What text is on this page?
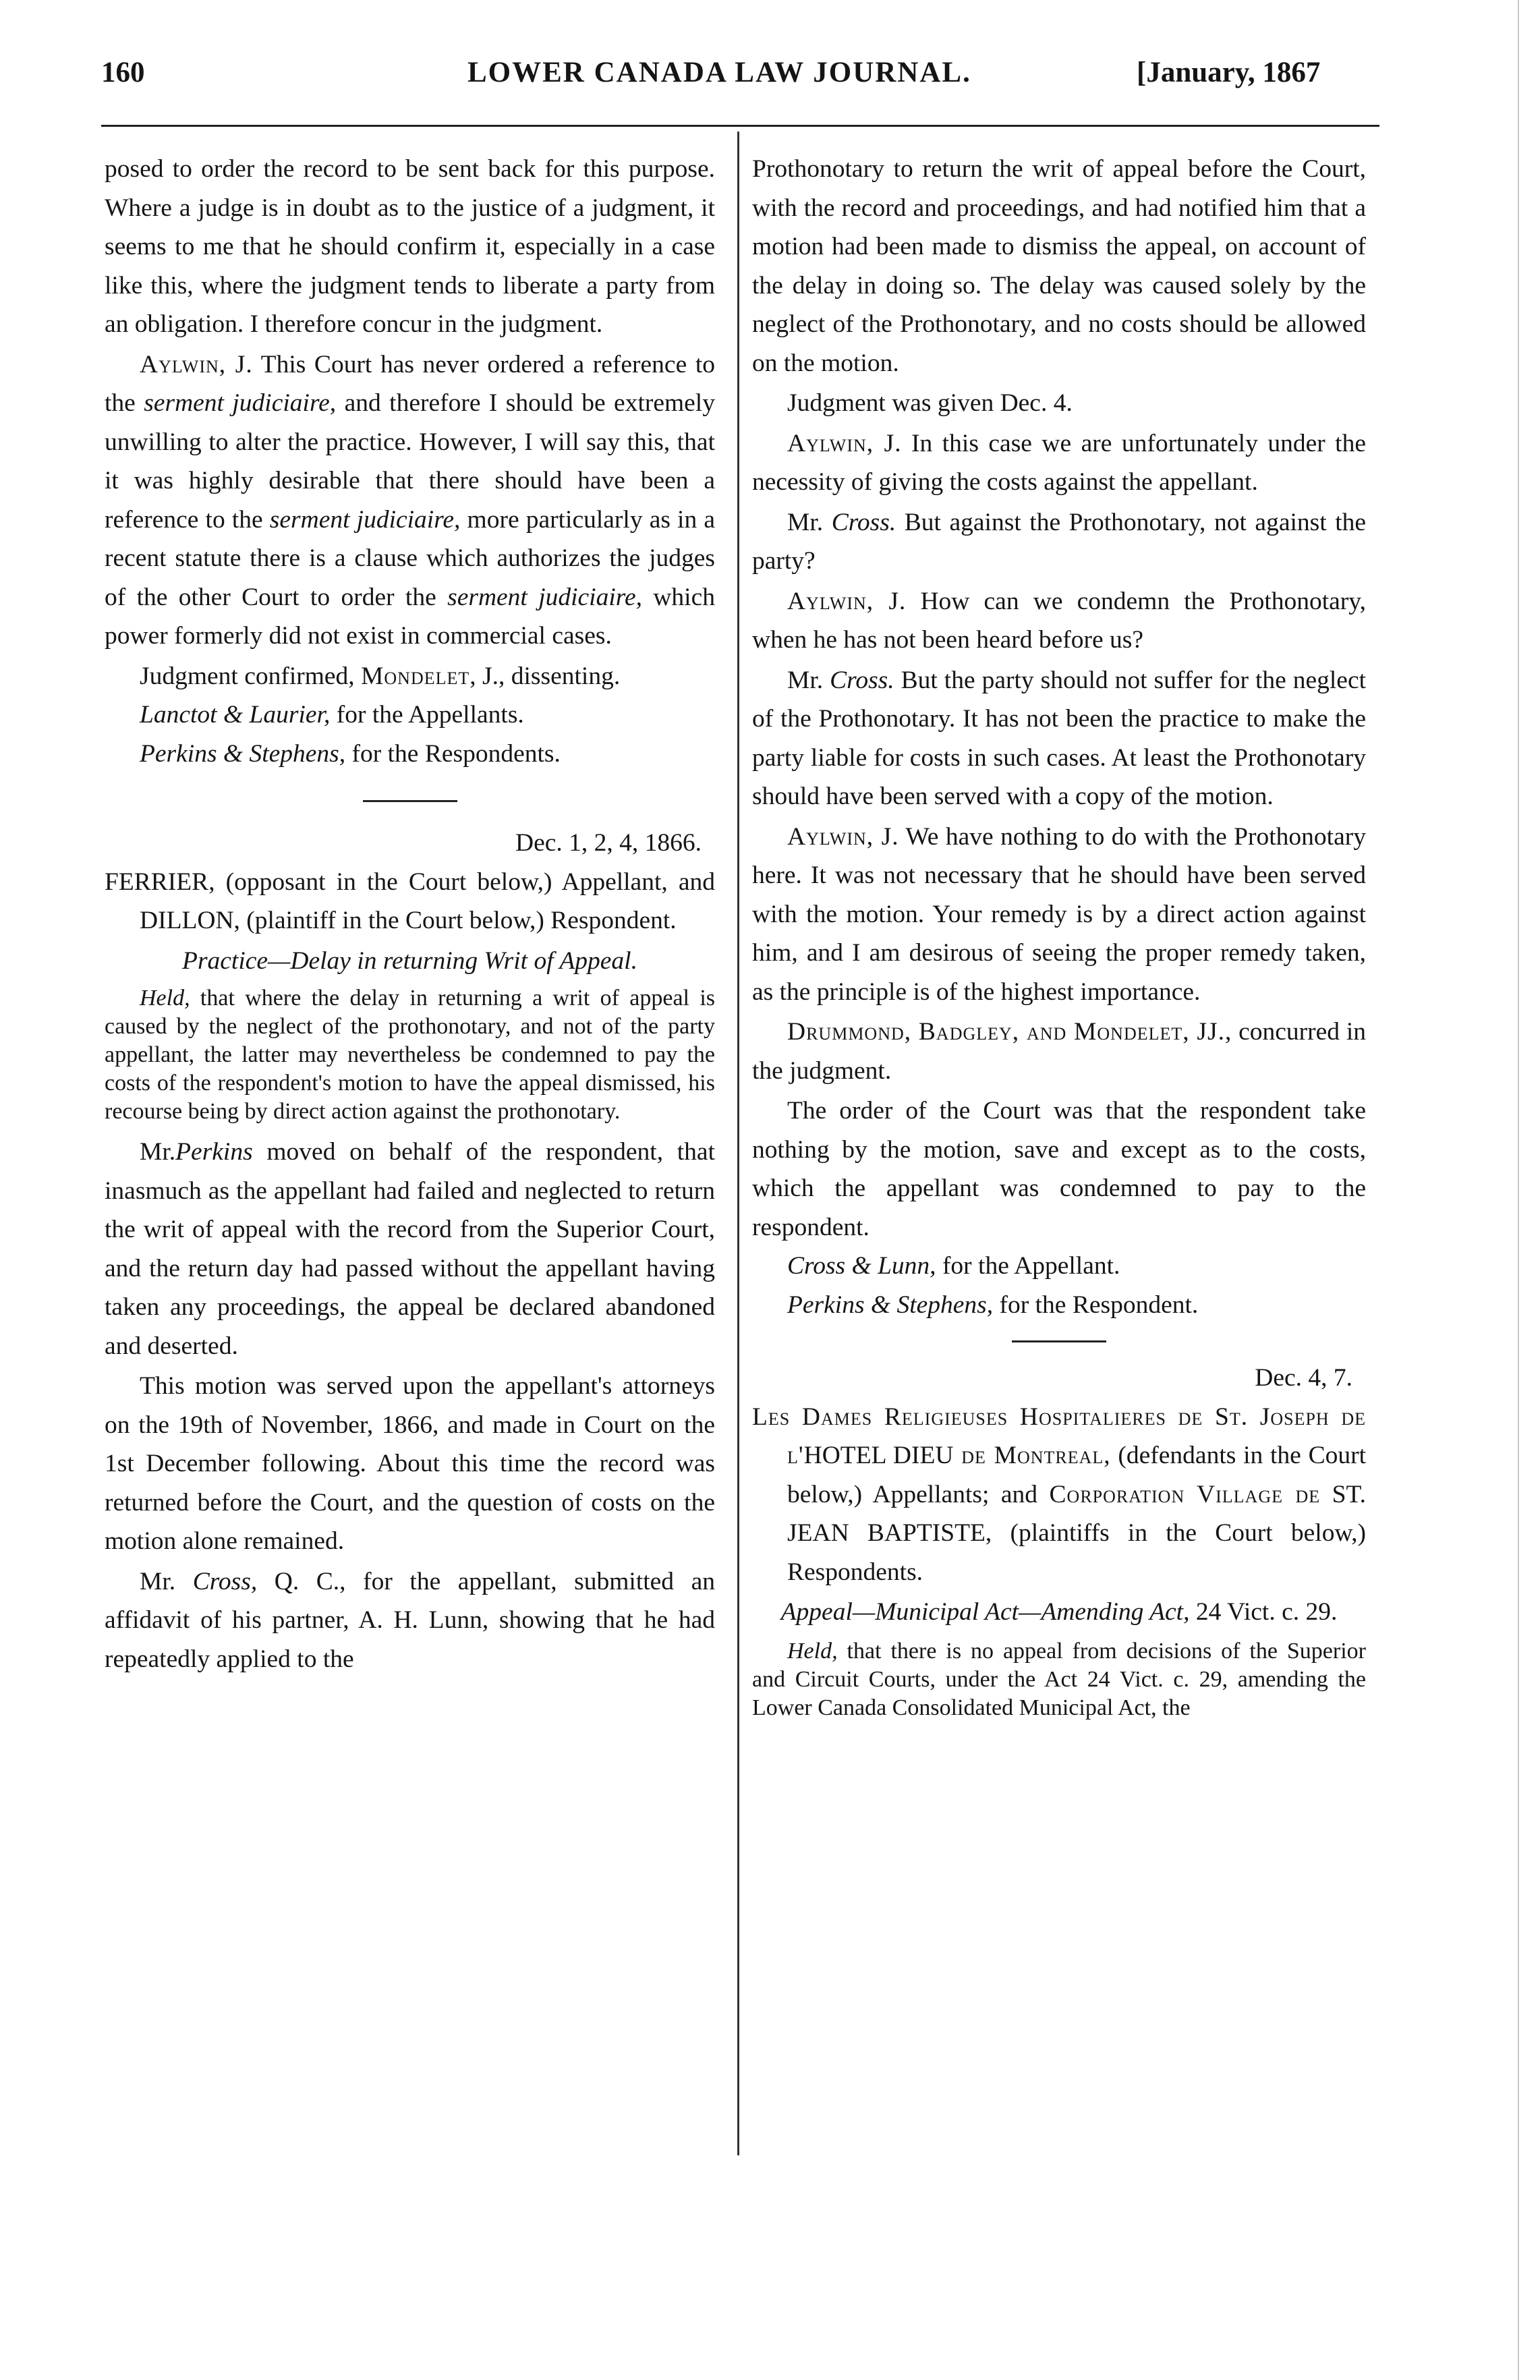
160	LOWER CANADA LAW JOURNAL.	[January, 1867

posed to order the record to be sent back for this purpose. Where a judge is in doubt as to the justice of a judgment, it seems to me that he should confirm it, especially in a case like this, where the judgment tends to liberate a party from an obligation. I therefore concur in the judgment.

Aylwin, J. This Court has never ordered a reference to the serment judiciaire, and therefore I should be extremely unwilling to alter the practice. However, I will say this, that it was highly desirable that there should have been a reference to the serment judiciaire, more particularly as in a recent statute there is a clause which authorizes the judges of the other Court to order the serment judiciaire, which power formerly did not exist in commercial cases.

Judgment confirmed, Mondelet, J., dissenting.

Lanctot & Laurier, for the Appellants.

Perkins & Stephens, for the Respondents.

Dec. 1, 2, 4, 1866.

FERRIER, (opposant in the Court below,) Appellant, and DILLON, (plaintiff in the Court below,) Respondent.

Practice—Delay in returning Writ of Appeal.

Held, that where the delay in returning a writ of appeal is caused by the neglect of the prothonotary, and not of the party appellant, the latter may nevertheless be condemned to pay the costs of the respondent's motion to have the appeal dismissed, his recourse being by direct action against the prothonotary.

Mr.Perkins moved on behalf of the respondent, that inasmuch as the appellant had failed and neglected to return the writ of appeal with the record from the Superior Court, and the return day had passed without the appellant having taken any proceedings, the appeal be declared abandoned and deserted.

This motion was served upon the appellant's attorneys on the 19th of November, 1866, and made in Court on the 1st December following. About this time the record was returned before the Court, and the question of costs on the motion alone remained.

Mr. Cross, Q. C., for the appellant, submitted an affidavit of his partner, A. H. Lunn, showing that he had repeatedly applied to the

Prothonotary to return the writ of appeal before the Court, with the record and proceedings, and had notified him that a motion had been made to dismiss the appeal, on account of the delay in doing so. The delay was caused solely by the neglect of the Prothonotary, and no costs should be allowed on the motion.

Judgment was given Dec. 4.

Aylwin, J. In this case we are unfortunately under the necessity of giving the costs against the appellant.

Mr. Cross. But against the Prothonotary, not against the party?

Aylwin, J. How can we condemn the Prothonotary, when he has not been heard before us?

Mr. Cross. But the party should not suffer for the neglect of the Prothonotary. It has not been the practice to make the party liable for costs in such cases. At least the Prothonotary should have been served with a copy of the motion.

Aylwin, J. We have nothing to do with the Prothonotary here. It was not necessary that he should have been served with the motion. Your remedy is by a direct action against him, and I am desirous of seeing the proper remedy taken, as the principle is of the highest importance.

Drummond, Badgley, and Mondelet, JJ., concurred in the judgment.

The order of the Court was that the respondent take nothing by the motion, save and except as to the costs, which the appellant was condemned to pay to the respondent.

Cross & Lunn, for the Appellant.

Perkins & Stephens, for the Respondent.

Dec. 4, 7.

Les Dames Religieuses Hospitalieres de St. Joseph de l'HOTEL DIEU de Montreal, (defendants in the Court below,) Appellants; and Corporation Village de ST. JEAN BAPTISTE, (plaintiffs in the Court below,) Respondents.

Appeal—Municipal Act—Amending Act, 24 Vict. c. 29.

Held, that there is no appeal from decisions of the Superior and Circuit Courts, under the Act 24 Vict. c. 29, amending the Lower Canada Consolidated Municipal Act, the
